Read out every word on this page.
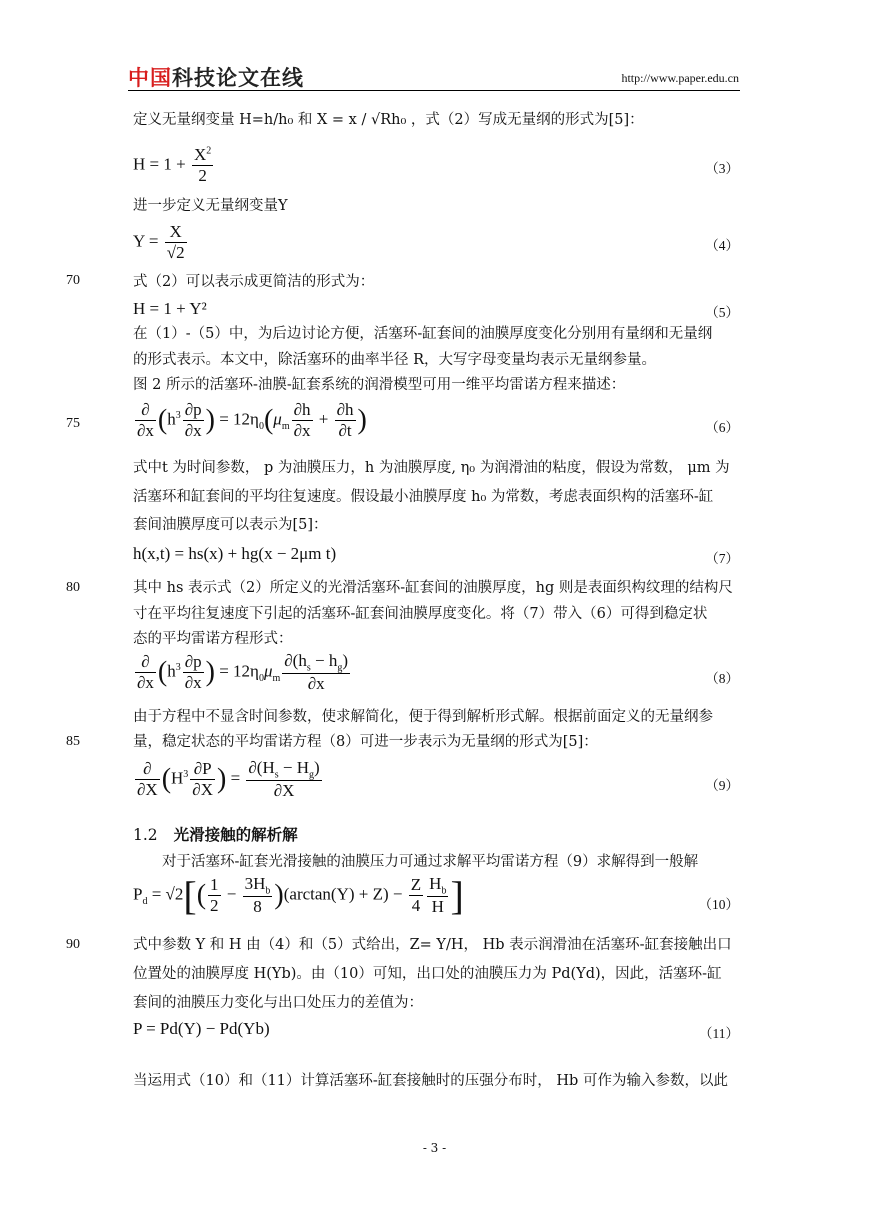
中国科技论文在线	http://www.paper.edu.cn
定义无量纲变量 H=h/h₀ 和 X = x / √Rh₀ ，式（2）写成无量纲的形式为[5]：
$H = 1 + \frac{X^2}{2}$	（3）
进一步定义无量纲变量Y
$Y = \frac{X}{√2}$	（4）
70	式（2）可以表示成更简洁的形式为：
H = 1 + Y²	（5）
在（1）-（5）中，为后边讨论方便，活塞环-缸套间的油膜厚度变化分别用有量纲和无量纲
的形式表示。本文中，除活塞环的曲率半径 R，大写字母变量均表示无量纲参量。
图 2 所示的活塞环-油膜-缸套系统的润滑模型可用一维平均雷诺方程来描述：
75	$\frac{\partial}{\partial x} (h^3 \frac{\partial p}{\partial x}$ ) = $12\eta_0(\mu_m \frac{\partial h}{\partial x} + \frac{\partial h}{\partial t}$ )	（6）
式中t 为时间参数， p 为油膜压力，h 为油膜厚度, η₀ 为润滑油的粘度，假设为常数， μm 为
活塞环和缸套间的平均往复速度。假设最小油膜厚度 h₀ 为常数，考虑表面织构的活塞环-缸
套间油膜厚度可以表示为[5]：
h(x,t) = hs(x) + hg(x − 2μm t)	（7）
80	其中 hs 表示式（2）所定义的光滑活塞环-缸套间的油膜厚度，hg 则是表面织构纹理的结构尺
寸在平均往复速度下引起的活塞环-缸套间油膜厚度变化。将（7）带入（6）可得到稳定状
态的平均雷诺方程形式：
$\frac{\partial}{\partial x} (h^3 \frac{\partial p}{\partial x}$ ) = $12\eta_0\mu_m \frac{\partial(h_s - h_g)}{\partial x}$	（8）
由于方程中不显含时间参数，使求解简化，便于得到解析形式解。根据前面定义的无量纲参
85	量，稳定状态的平均雷诺方程（8）可进一步表示为无量纲的形式为[5]：
$\frac{\partial}{\partial X} (H^3 \frac{\partial P}{\partial X}$ ) = $\frac{\partial(H_s - H_g)}{\partial X}$	（9）
1.2 光滑接触的解析解
对于活塞环-缸套光滑接触的油膜压力可通过求解平均雷诺方程（9）求解得到一般解
$P_d = √2[( \frac{1}{2} - \frac{3H_b}{8} )(\arctan(Y) + Z) - \frac{Z}{4} \frac{H_b}{H}$ ]	（10）
90	式中参数 Y 和 H 由（4）和（5）式给出，Z= Y/H， Hb 表示润滑油在活塞环-缸套接触出口
位置处的油膜厚度 H(Yb)。由（10）可知，出口处的油膜压力为 Pd(Yd)，因此，活塞环-缸
套间的油膜压力变化与出口处压力的差值为：
P = Pd(Y) − Pd(Yb)	（11）
当运用式（10）和（11）计算活塞环-缸套接触时的压强分布时， Hb 可作为输入参数，以此
- 3 -
